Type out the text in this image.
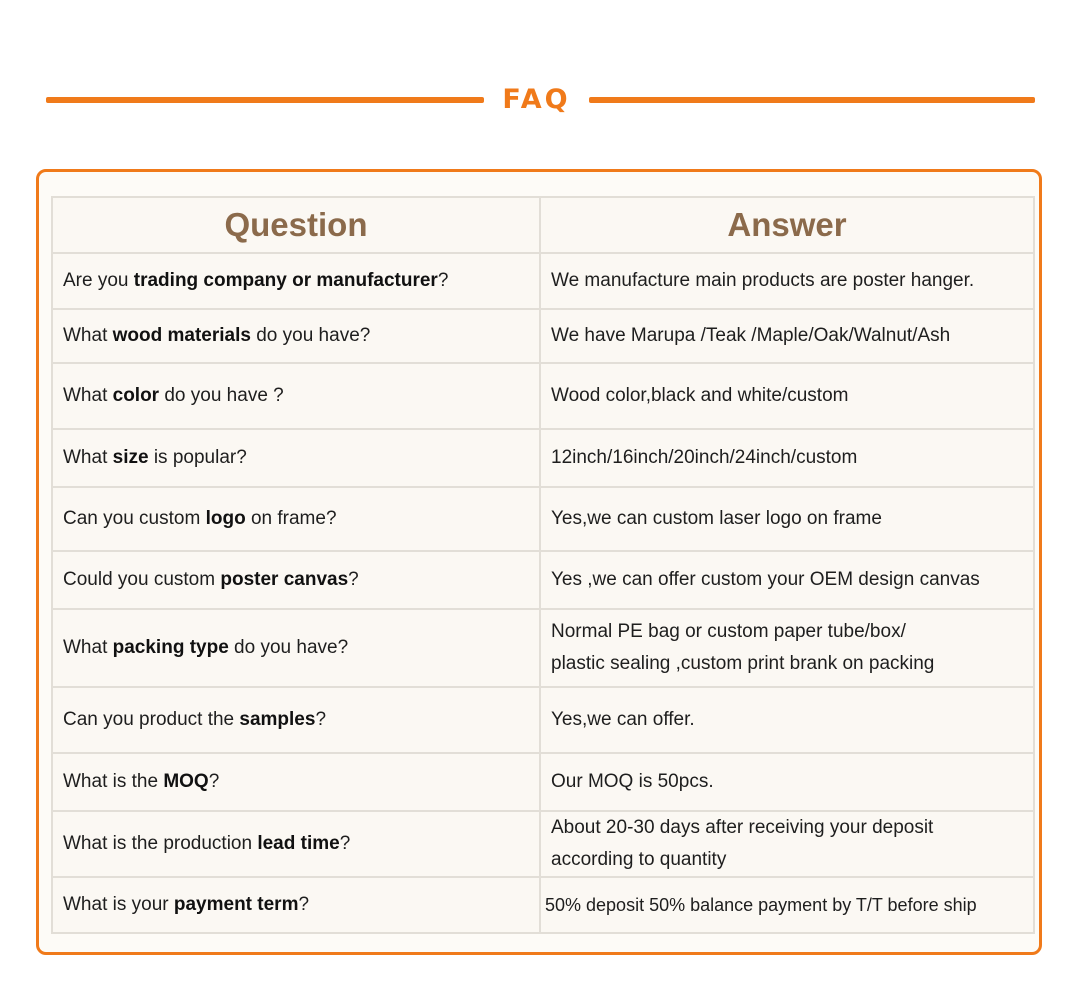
FAQ
Question	Answer
Are you trading company or manufacturer?	We manufacture main products are poster hanger.
What wood materials do you have?	We have Marupa /Teak /Maple/Oak/Walnut/Ash
What color do you have ?	Wood color,black and white/custom
What size is popular?	12inch/16inch/20inch/24inch/custom
Can you custom logo on frame?	Yes,we can custom laser logo on frame
Could you custom poster canvas?	Yes ,we can offer custom your OEM design canvas
What packing type do you have?	Normal PE bag or custom paper tube/box/
plastic sealing ,custom print brank on packing

Can you product the samples?	Yes,we can offer.
What is the MOQ?	Our MOQ is 50pcs.
What is the production lead time?	About 20-30 days after receiving your deposit
according to quantity

What is your payment term?	50% deposit 50% balance payment by T/T before ship
